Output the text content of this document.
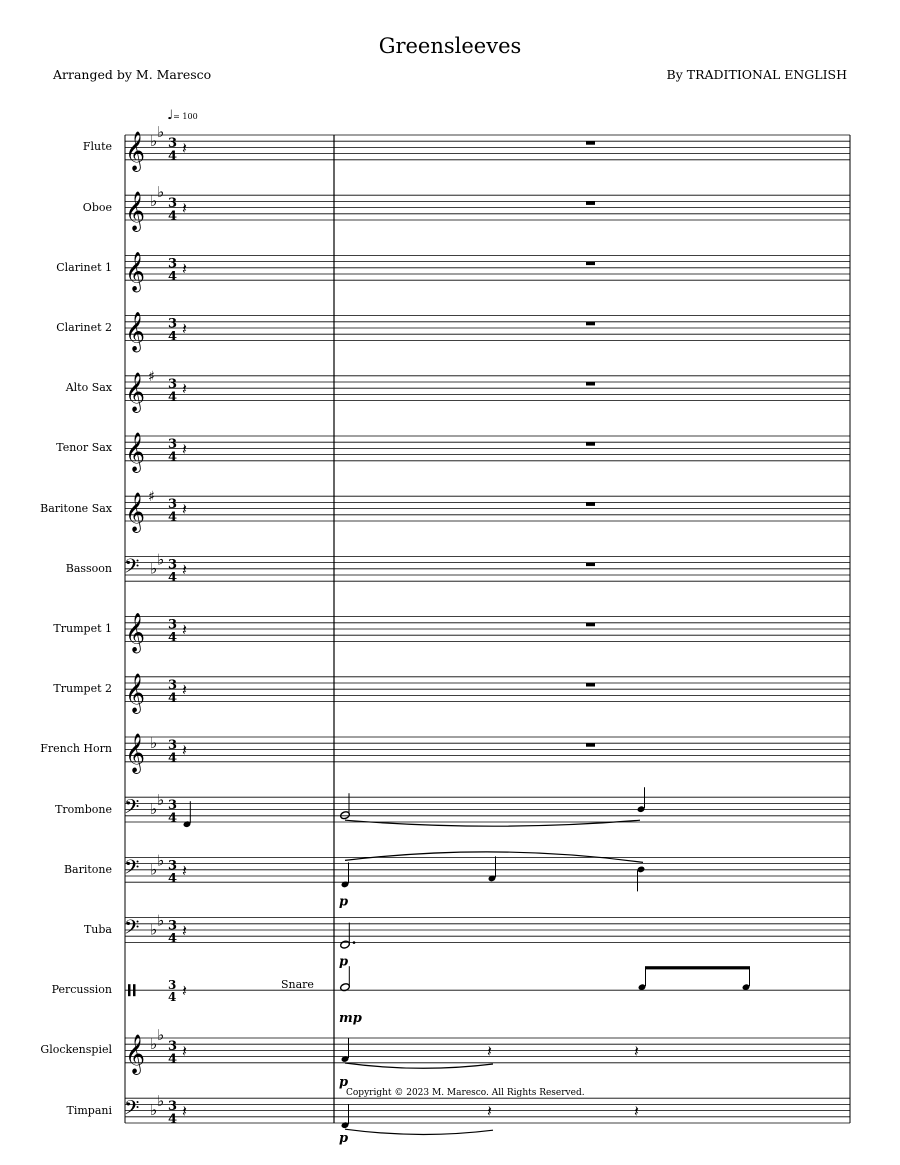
Greensleeves
Arranged by M. Maresco	By TRADITIONAL ENGLISH
♩= 100
Flute
Oboe
Clarinet 1
Clarinet 2
Alto Sax
Tenor Sax
Baritone Sax
Bassoon
Trumpet 1
Trumpet 2
French Horn
Trombone
Baritone
Tuba
Percussion
Glockenspiel
Timpani
Snare
𝄞 ♭ ♭
3
4 𝄽
𝄞 ♭ ♭
3
4 𝄽
𝄞 3
4 𝄽
𝄞 3
4 𝄽
𝄞 ♯ 3
4 𝄽
𝄞 3
4 𝄽
𝄞 ♯ 3
4 𝄽
𝄢 ♭ ♭ 3
4 𝄽
𝄞 3
4 𝄽
𝄞 3
4 𝄽
𝄞 ♭ 3
4 𝄽
𝄢 ♭ ♭ 3
4
𝄢 ♭ ♭ 3
4 𝄽
p
𝄢 ♭ ♭ 3
4 𝄽
p
3
4 𝄽
mp
𝄞 ♭ ♭
3
4 𝄽	𝄽	𝄽
p
𝄢 ♭ ♭ 3
4 𝄽	𝄽	𝄽
p
Copyright © 2023 M. Maresco. All Rights Reserved.
